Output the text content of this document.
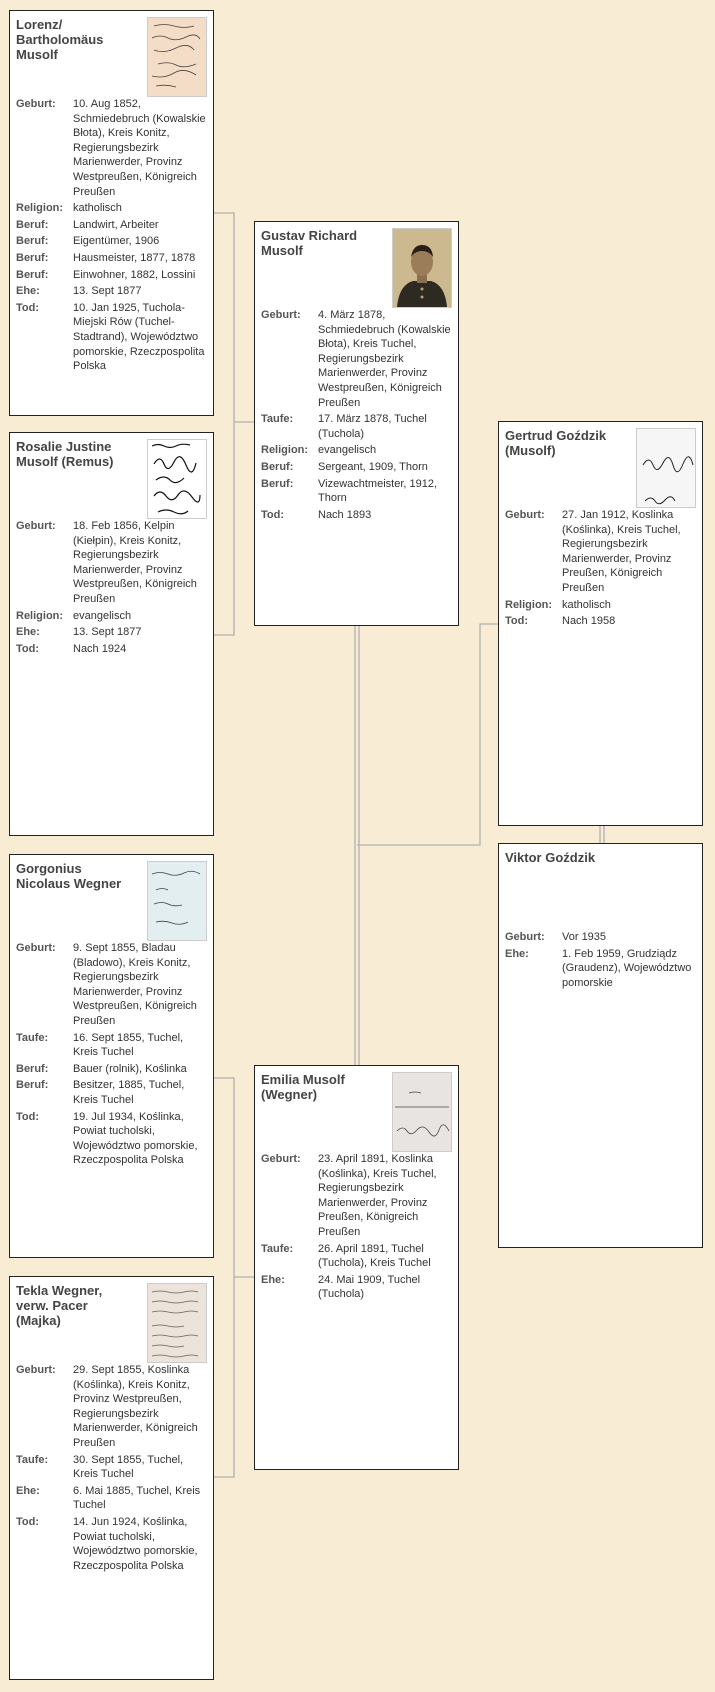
Lorenz/
Bartholomäus
Musolf
Geburt:	10. Aug 1852, Schmiedebruch (Kowalskie Błota), Kreis Konitz, Regierungsbezirk Marienwerder, Provinz Westpreußen, Königreich Preußen
Religion: katholisch
Beruf:	Landwirt, Arbeiter
Beruf:	Eigentümer, 1906
Beruf:	Hausmeister, 1877, 1878
Beruf:	Einwohner, 1882, Lossini
Ehe:	13. Sept 1877
Tod:	10. Jan 1925, Tuchola-Miejski Rów (Tuchel-Stadtrand), Województwo pomorskie, Rzeczpospolita Polska
Rosalie Justine
Musolf (Remus)
Geburt:	18. Feb 1856, Kelpin (Kiełpin), Kreis Konitz, Regierungsbezirk Marienwerder, Provinz Westpreußen, Königreich Preußen
Religion: evangelisch
Ehe:	13. Sept 1877
Tod:	Nach 1924
Gorgonius
Nicolaus Wegner
Geburt:	9. Sept 1855, Bladau (Bladowo), Kreis Konitz, Regierungsbezirk Marienwerder, Provinz Westpreußen, Königreich Preußen
Taufe:	16. Sept 1855, Tuchel, Kreis Tuchel
Beruf:	Bauer (rolnik), Koślinka
Beruf:	Besitzer, 1885, Tuchel, Kreis Tuchel
Tod:	19. Jul 1934, Koślinka, Powiat tucholski, Województwo pomorskie, Rzeczpospolita Polska
Tekla Wegner,
verw. Pacer
(Majka)
Geburt:	29. Sept 1855, Koslinka (Koślinka), Kreis Konitz, Provinz Westpreußen, Regierungsbezirk Marienwerder, Königreich Preußen
Taufe:	30. Sept 1855, Tuchel, Kreis Tuchel
Ehe:	6. Mai 1885, Tuchel, Kreis Tuchel
Tod:	14. Jun 1924, Koślinka, Powiat tucholski, Województwo pomorskie, Rzeczpospolita Polska
Gustav Richard
Musolf
Geburt:	4. März 1878, Schmiedebruch (Kowalskie Błota), Kreis Tuchel, Regierungsbezirk Marienwerder, Provinz Westpreußen, Königreich Preußen
Taufe:	17. März 1878, Tuchel (Tuchola)
Religion: evangelisch
Beruf:	Sergeant, 1909, Thorn
Beruf:	Vizewachtmeister, 1912, Thorn
Tod:	Nach 1893
Emilia Musolf
(Wegner)
Geburt:	23. April 1891, Koslinka (Koślinka), Kreis Tuchel, Regierungsbezirk Marienwerder, Provinz Preußen, Königreich Preußen
Taufe:	26. April 1891, Tuchel (Tuchola), Kreis Tuchel
Ehe:	24. Mai 1909, Tuchel (Tuchola)
Gertrud Goździk
(Musolf)
Geburt:	27. Jan 1912, Koslinka (Koślinka), Kreis Tuchel, Regierungsbezirk Marienwerder, Provinz Preußen, Königreich Preußen
Religion: katholisch
Tod:	Nach 1958
Viktor Goździk
Geburt:	Vor 1935
Ehe:	1. Feb 1959, Grudziądz (Graudenz), Województwo pomorskie
